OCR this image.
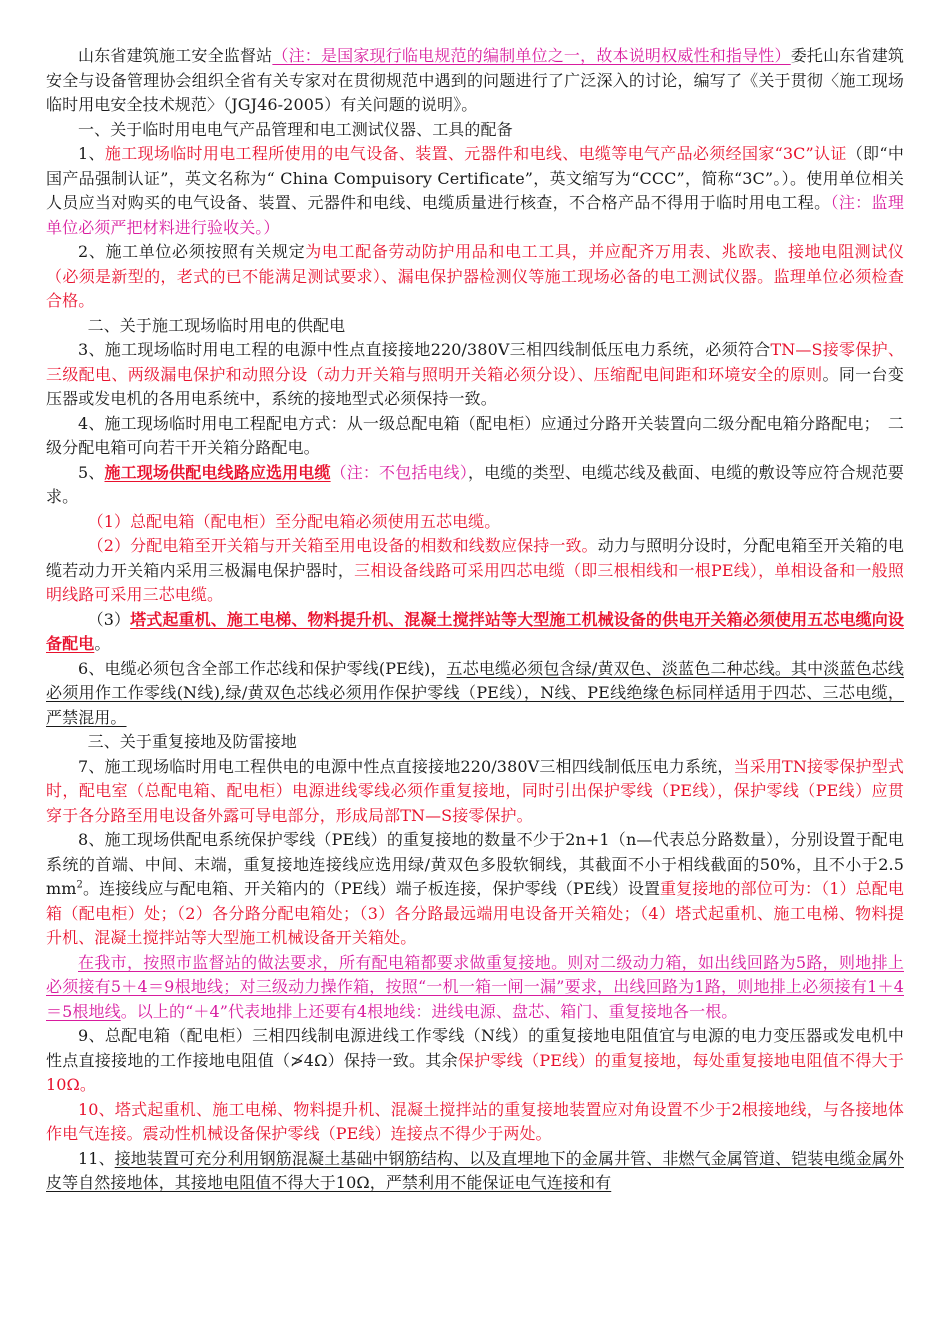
山东省建筑施工安全监督站（注：是国家现行临电规范的编制单位之一，故本说明权威性和指导性）委托山东省建筑安全与设备管理协会组织全省有关专家对在贯彻规范中遇到的问题进行了广泛深入的讨论，编写了《关于贯彻〈施工现场临时用电安全技术规范〉（JGJ46-2005）有关问题的说明》。

一、关于临时用电电气产品管理和电工测试仪器、工具的配备

1、施工现场临时用电工程所使用的电气设备、装置、元器件和电线、电缆等电气产品必须经国家“3C”认证（即“中国产品强制认证”，英文名称为“ China Compuisory Certificate”，英文缩写为“CCC”，简称“3C”。）。使用单位相关人员应当对购买的电气设备、装置、元器件和电线、电缆质量进行核查，不合格产品不得用于临时用电工程。（注：监理单位必须严把材料进行验收关。）

2、施工单位必须按照有关规定为电工配备劳动防护用品和电工工具，并应配齐万用表、兆欧表、接地电阻测试仪（必须是新型的，老式的已不能满足测试要求）、漏电保护器检测仪等施工现场必备的电工测试仪器。监理单位必须检查合格。

二、关于施工现场临时用电的供配电

3、施工现场临时用电工程的电源中性点直接接地220/380V三相四线制低压电力系统，必须符合TN—S接零保护、三级配电、两级漏电保护和动照分设（动力开关箱与照明开关箱必须分设）、压缩配电间距和环境安全的原则。同一台变压器或发电机的各用电系统中，系统的接地型式必须保持一致。

4、施工现场临时用电工程配电方式：从一级总配电箱（配电柜）应通过分路开关装置向二级分配电箱分路配电；　二级分配电箱可向若干开关箱分路配电。

5、施工现场供配电线路应选用电缆（注：不包括电线），电缆的类型、电缆芯线及截面、电缆的敷设等应符合规范要求。

（1）总配电箱（配电柜）至分配电箱必须使用五芯电缆。

（2）分配电箱至开关箱与开关箱至用电设备的相数和线数应保持一致。动力与照明分设时，分配电箱至开关箱的电缆若动力开关箱内采用三极漏电保护器时，三相设备线路可采用四芯电缆（即三根相线和一根PE线），单相设备和一般照明线路可采用三芯电缆。

（3）塔式起重机、施工电梯、物料提升机、混凝土搅拌站等大型施工机械设备的供电开关箱必须使用五芯电缆向设备配电。

6、电缆必须包含全部工作芯线和保护零线(PE线)，五芯电缆必须包含绿/黄双色、淡蓝色二种芯线。其中淡蓝色芯线必须用作工作零线(N线),绿/黄双色芯线必须用作保护零线（PE线），N线、PE线绝缘色标同样适用于四芯、三芯电缆，严禁混用。

三、关于重复接地及防雷接地

7、施工现场临时用电工程供电的电源中性点直接接地220/380V三相四线制低压电力系统，当采用TN接零保护型式时，配电室（总配电箱、配电柜）电源进线零线必须作重复接地，同时引出保护零线（PE线），保护零线（PE线）应贯穿于各分路至用电设备外露可导电部分，形成局部TN—S接零保护。

8、施工现场供配电系统保护零线（PE线）的重复接地的数量不少于2n+1（n—代表总分路数量），分别设置于配电系统的首端、中间、末端，重复接地连接线应选用绿/黄双色多股软铜线，其截面不小于相线截面的50%，且不小于2.5 $mm^2$。连接线应与配电箱、开关箱内的（PE线）端子板连接，保护零线（PE线）设置重复接地的部位可为：（1）总配电箱（配电柜）处；（2）各分路分配电箱处；（3）各分路最远端用电设备开关箱处；（4）塔式起重机、施工电梯、物料提升机、混凝土搅拌站等大型施工机械设备开关箱处。

在我市，按照市监督站的做法要求，所有配电箱都要求做重复接地。则对二级动力箱，如出线回路为5路，则地排上必须接有5＋4＝9根地线；对三级动力操作箱，按照“一机一箱一闸一漏”要求，出线回路为1路，则地排上必须接有1＋4＝5根地线。以上的“＋4”代表地排上还要有4根地线：进线电源、盘芯、箱门、重复接地各一根。

9、总配电箱（配电柜）三相四线制电源进线工作零线（N线）的重复接地电阻值宜与电源的电力变压器或发电机中性点直接接地的工作接地电阻值（≯4Ω）保持一致。其余保护零线（PE线）的重复接地，每处重复接地电阻值不得大于10Ω。

10、塔式起重机、施工电梯、物料提升机、混凝土搅拌站的重复接地装置应对角设置不少于2根接地线，与各接地体作电气连接。震动性机械设备保护零线（PE线）连接点不得少于两处。

11、接地装置可充分利用钢筋混凝土基础中钢筋结构、以及直埋地下的金属井管、非燃气金属管道、铠装电缆金属外皮等自然接地体，其接地电阻值不得大于10Ω，严禁利用不能保证电气连接和有
